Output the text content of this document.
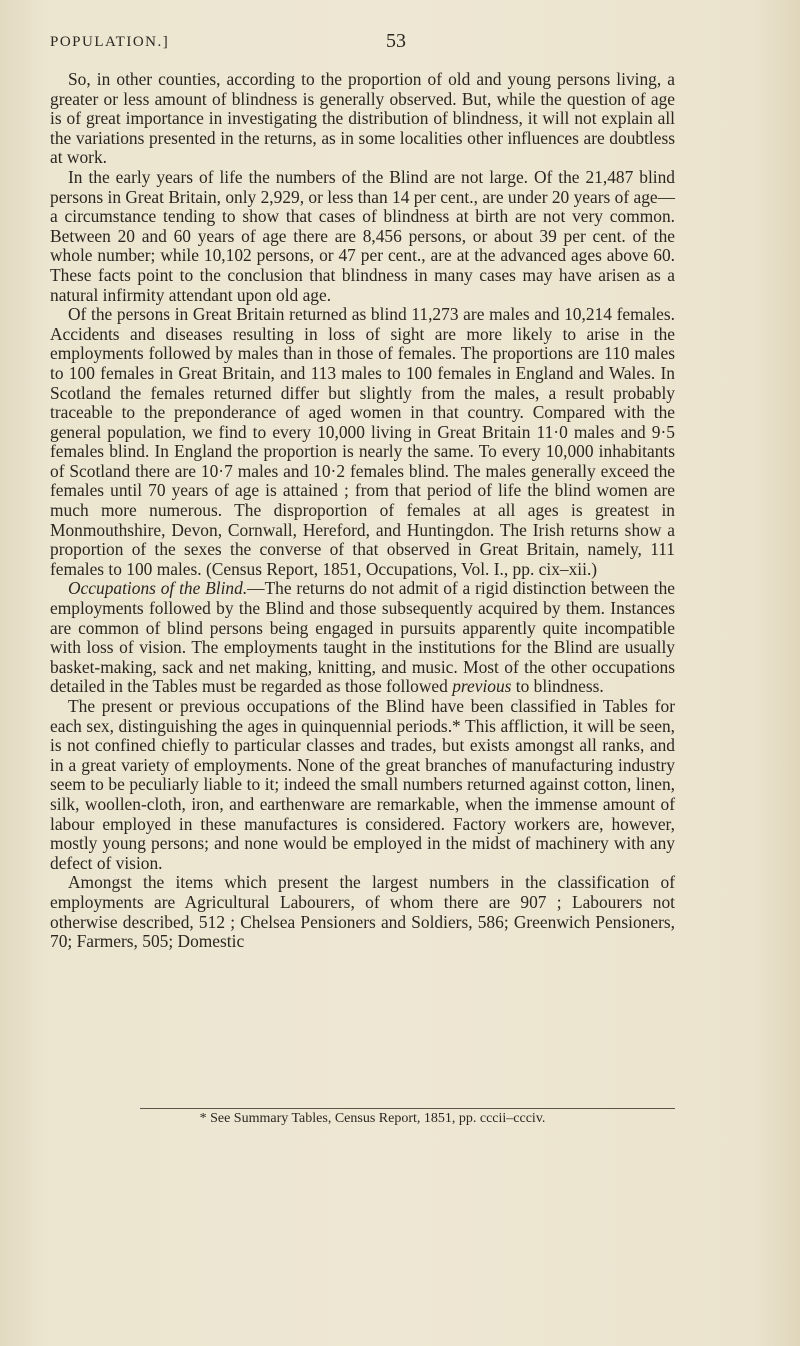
POPULATION.]	53

So, in other counties, according to the proportion of old and young persons living, a greater or less amount of blindness is generally observed. But, while the question of age is of great importance in investigating the distribution of blindness, it will not explain all the variations presented in the returns, as in some localities other influences are doubtless at work.

In the early years of life the numbers of the Blind are not large. Of the 21,487 blind persons in Great Britain, only 2,929, or less than 14 per cent., are under 20 years of age—a circumstance tending to show that cases of blindness at birth are not very common. Between 20 and 60 years of age there are 8,456 persons, or about 39 per cent. of the whole number; while 10,102 persons, or 47 per cent., are at the advanced ages above 60. These facts point to the conclusion that blindness in many cases may have arisen as a natural infirmity attendant upon old age.

Of the persons in Great Britain returned as blind 11,273 are males and 10,214 females. Accidents and diseases resulting in loss of sight are more likely to arise in the employments followed by males than in those of females. The proportions are 110 males to 100 females in Great Britain, and 113 males to 100 females in England and Wales. In Scotland the females returned differ but slightly from the males, a result probably traceable to the preponderance of aged women in that country. Compared with the general population, we find to every 10,000 living in Great Britain 11·0 males and 9·5 females blind. In England the proportion is nearly the same. To every 10,000 inhabitants of Scotland there are 10·7 males and 10·2 females blind. The males generally exceed the females until 70 years of age is attained ; from that period of life the blind women are much more numerous. The disproportion of females at all ages is greatest in Monmouthshire, Devon, Cornwall, Hereford, and Huntingdon. The Irish returns show a proportion of the sexes the converse of that observed in Great Britain, namely, 111 females to 100 males. (Census Report, 1851, Occupations, Vol. I., pp. cix–xii.)

Occupations of the Blind.—The returns do not admit of a rigid distinction between the employments followed by the Blind and those subsequently acquired by them. Instances are common of blind persons being engaged in pursuits apparently quite incompatible with loss of vision. The employments taught in the institutions for the Blind are usually basket-making, sack and net making, knitting, and music. Most of the other occupations detailed in the Tables must be regarded as those followed previous to blindness.

The present or previous occupations of the Blind have been classified in Tables for each sex, distinguishing the ages in quinquennial periods.* This affliction, it will be seen, is not confined chiefly to particular classes and trades, but exists amongst all ranks, and in a great variety of employments. None of the great branches of manufacturing industry seem to be peculiarly liable to it; indeed the small numbers returned against cotton, linen, silk, woollen-cloth, iron, and earthenware are remarkable, when the immense amount of labour employed in these manufactures is considered. Factory workers are, however, mostly young persons; and none would be employed in the midst of machinery with any defect of vision.

Amongst the items which present the largest numbers in the classification of employments are Agricultural Labourers, of whom there are 907 ; Labourers not otherwise described, 512 ; Chelsea Pensioners and Soldiers, 586; Greenwich Pensioners, 70; Farmers, 505; Domestic

* See Summary Tables, Census Report, 1851, pp. cccii–ccciv.
